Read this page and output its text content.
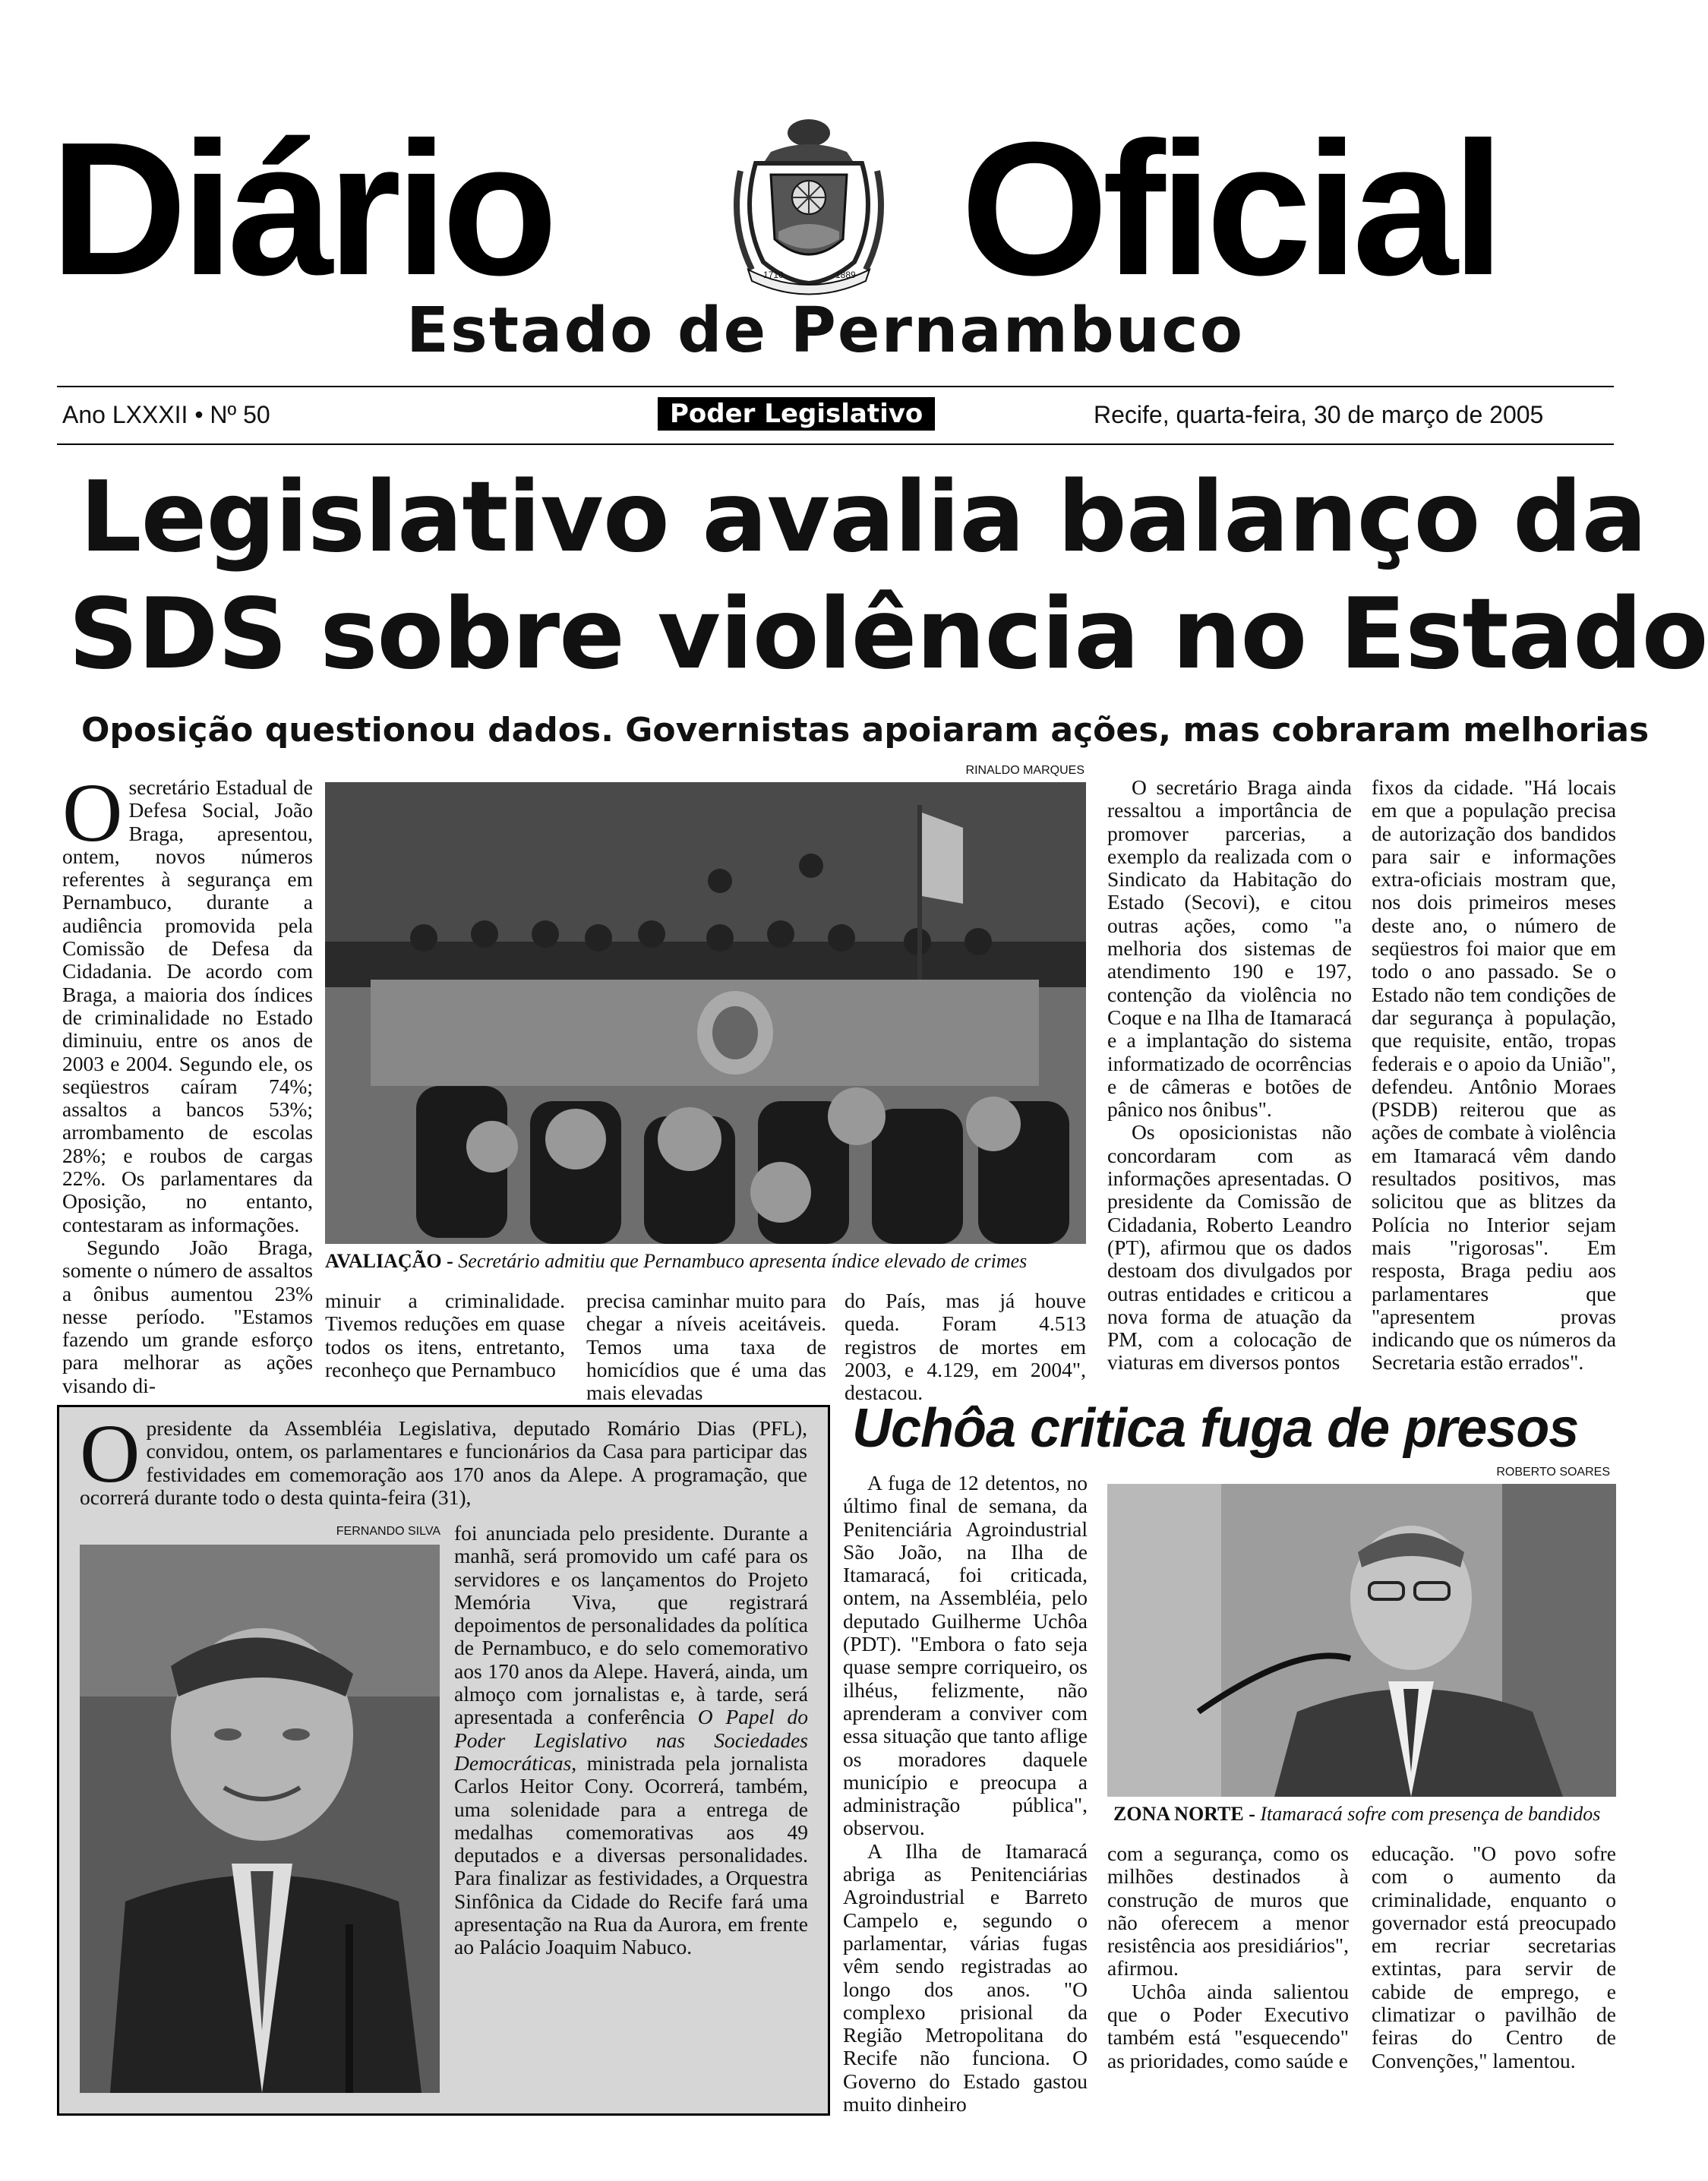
Diário	1710	1889 Oficial
Estado de Pernambuco
Ano LXXXII • Nº 50	Poder Legislativo	Recife, quarta-feira, 30 de março de 2005
Legislativo avalia balanço da
SDS sobre violência no Estado
Oposição questionou dados. Governistas apoiaram ações, mas cobraram melhorias
O secretário Estadual de Defesa Social, João Braga, apresentou, ontem, novos números referentes à segurança em Pernambuco, durante a audiência promovida pela Comissão de Defesa da Cidadania. De acordo com Braga, a maioria dos índices de criminalidade no Estado diminuiu, entre os anos de 2003 e 2004. Segundo ele, os seqüestros caíram 74%; assaltos a bancos 53%; arrombamento de escolas 28%; e roubos de cargas 22%. Os parlamentares da Oposição, no entanto, contestaram as informações.

Segundo João Braga, somente o número de assaltos a ônibus aumentou 23% nesse período. "Estamos fazendo um grande esforço para melhorar as ações visando di-

RINALDO MARQUES
AVALIAÇÃO - Secretário admitiu que Pernambuco apresenta índice elevado de crimes

minuir a criminalidade. Tivemos reduções em quase todos os itens, entretanto, reconheço que Pernambuco

precisa caminhar muito para chegar a níveis aceitáveis. Temos uma taxa de homicídios que é uma das mais elevadas

do País, mas já houve queda. Foram 4.513 registros de mortes em 2003, e 4.129, em 2004", destacou.

O secretário Braga ainda ressaltou a importância de promover parcerias, a exemplo da realizada com o Sindicato da Habitação do Estado (Secovi), e citou outras ações, como "a melhoria dos sistemas de atendimento 190 e 197, contenção da violência no Coque e na Ilha de Itamaracá e a implantação do sistema informatizado de ocorrências e de câmeras e botões de pânico nos ônibus".

Os oposicionistas não concordaram com as informações apresentadas. O presidente da Comissão de Cidadania, Roberto Leandro (PT), afirmou que os dados destoam dos divulgados por outras entidades e criticou a nova forma de atuação da PM, com a colocação de viaturas em diversos pontos

fixos da cidade. "Há locais em que a população precisa de autorização dos bandidos para sair e informações extra-oficiais mostram que, nos dois primeiros meses deste ano, o número de seqüestros foi maior que em todo o ano passado. Se o Estado não tem condições de dar segurança à população, que requisite, então, tropas federais e o apoio da União", defendeu. Antônio Moraes (PSDB) reiterou que as ações de combate à violência em Itamaracá vêm dando resultados positivos, mas solicitou que as blitzes da Polícia no Interior sejam mais "rigorosas". Em resposta, Braga pediu aos parlamentares que "apresentem provas indicando que os números da Secretaria estão errados".

O presidente da Assembléia Legislativa, deputado Romário Dias (PFL), convidou, ontem, os parlamentares e funcionários da Casa para participar das festividades em comemoração aos 170 anos da Alepe. A programação, que ocorrerá durante todo o desta quinta-feira (31),

FERNANDO SILVA foi anunciada pelo presidente. Durante a manhã, será promovido um café para os servidores e os lançamentos do Projeto Memória Viva, que registrará depoimentos de personalidades da política de Pernambuco, e do selo comemorativo aos 170 anos da Alepe. Haverá, ainda, um almoço com jornalistas e, à tarde, será apresentada a conferência O Papel do Poder Legislativo nas Sociedades Democráticas, ministrada pela jornalista Carlos Heitor Cony. Ocorrerá, também, uma solenidade para a entrega de medalhas comemorativas aos 49 deputados e a diversas personalidades. Para finalizar as festividades, a Orquestra Sinfônica da Cidade do Recife fará uma apresentação na Rua da Aurora, em frente ao Palácio Joaquim Nabuco.

Uchôa critica fuga de presos
ROBERTO SOARES

A fuga de 12 detentos, no último final de semana, da Penitenciária Agroindustrial São João, na Ilha de Itamaracá, foi criticada, ontem, na Assembléia, pelo deputado Guilherme Uchôa (PDT). "Embora o fato seja quase sempre corriqueiro, os ilhéus, felizmente, não aprenderam a conviver com essa situação que tanto aflige os moradores daquele município e preocupa a administração pública", observou.

A Ilha de Itamaracá abriga as Penitenciárias Agroindustrial e Barreto Campelo e, segundo o parlamentar, várias fugas vêm sendo registradas ao longo dos anos. "O complexo prisional da Região Metropolitana do Recife não funciona. O Governo do Estado gastou muito dinheiro

ZONA NORTE - Itamaracá sofre com presença de bandidos

com a segurança, como os milhões destinados à construção de muros que não oferecem a menor resistência aos presidiários", afirmou.

Uchôa ainda salientou que o Poder Executivo também está "esquecendo" as prioridades, como saúde e

educação. "O povo sofre com o aumento da criminalidade, enquanto o governador está preocupado em recriar secretarias extintas, para servir de cabide de emprego, e climatizar o pavilhão de feiras do Centro de Convenções," lamentou.
